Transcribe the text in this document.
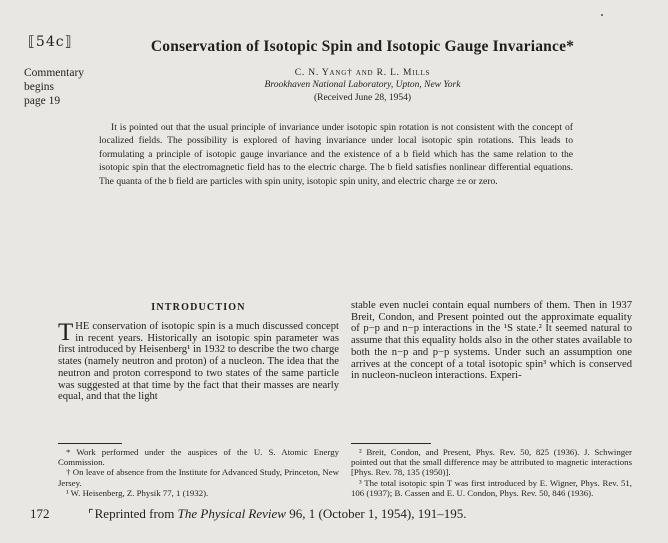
⟦54c⟧
Commentary
begins
page 19
Conservation of Isotopic Spin and Isotopic Gauge Invariance*

C. N. Yang† and R. L. Mills

Brookhaven National Laboratory, Upton, New York

(Received June 28, 1954)

It is pointed out that the usual principle of invariance under isotopic spin rotation is not consistent with the concept of localized fields. The possibility is explored of having invariance under local isotopic spin rotations. This leads to formulating a principle of isotopic gauge invariance and the existence of a b field which has the same relation to the isotopic spin that the electromagnetic field has to the electric charge. The b field satisfies nonlinear differential equations. The quanta of the b field are particles with spin unity, isotopic spin unity, and electric charge ±e or zero.
INTRODUCTION

THE conservation of isotopic spin is a much discussed concept in recent years. Historically an isotopic spin parameter was first introduced by Heisenberg¹ in 1932 to describe the two charge states (namely neutron and proton) of a nucleon. The idea that the neutron and proton correspond to two states of the same particle was suggested at that time by the fact that their masses are nearly equal, and that the light

* Work performed under the auspices of the U. S. Atomic Energy Commission.

† On leave of absence from the Institute for Advanced Study, Princeton, New Jersey.

¹ W. Heisenberg, Z. Physik 77, 1 (1932).

stable even nuclei contain equal numbers of them. Then in 1937 Breit, Condon, and Present pointed out the approximate equality of p−p and n−p interactions in the ¹S state.² It seemed natural to assume that this equality holds also in the other states available to both the n−p and p−p systems. Under such an assumption one arrives at the concept of a total isotopic spin³ which is conserved in nucleon-nucleon interactions. Experi-

² Breit, Condon, and Present, Phys. Rev. 50, 825 (1936). J. Schwinger pointed out that the small difference may be attributed to magnetic interactions [Phys. Rev. 78, 135 (1950)].

³ The total isotopic spin T was first introduced by E. Wigner, Phys. Rev. 51, 106 (1937); B. Cassen and E. U. Condon, Phys. Rev. 50, 846 (1936).

172	⌜Reprinted from The Physical Review 96, 1 (October 1, 1954), 191–195.
